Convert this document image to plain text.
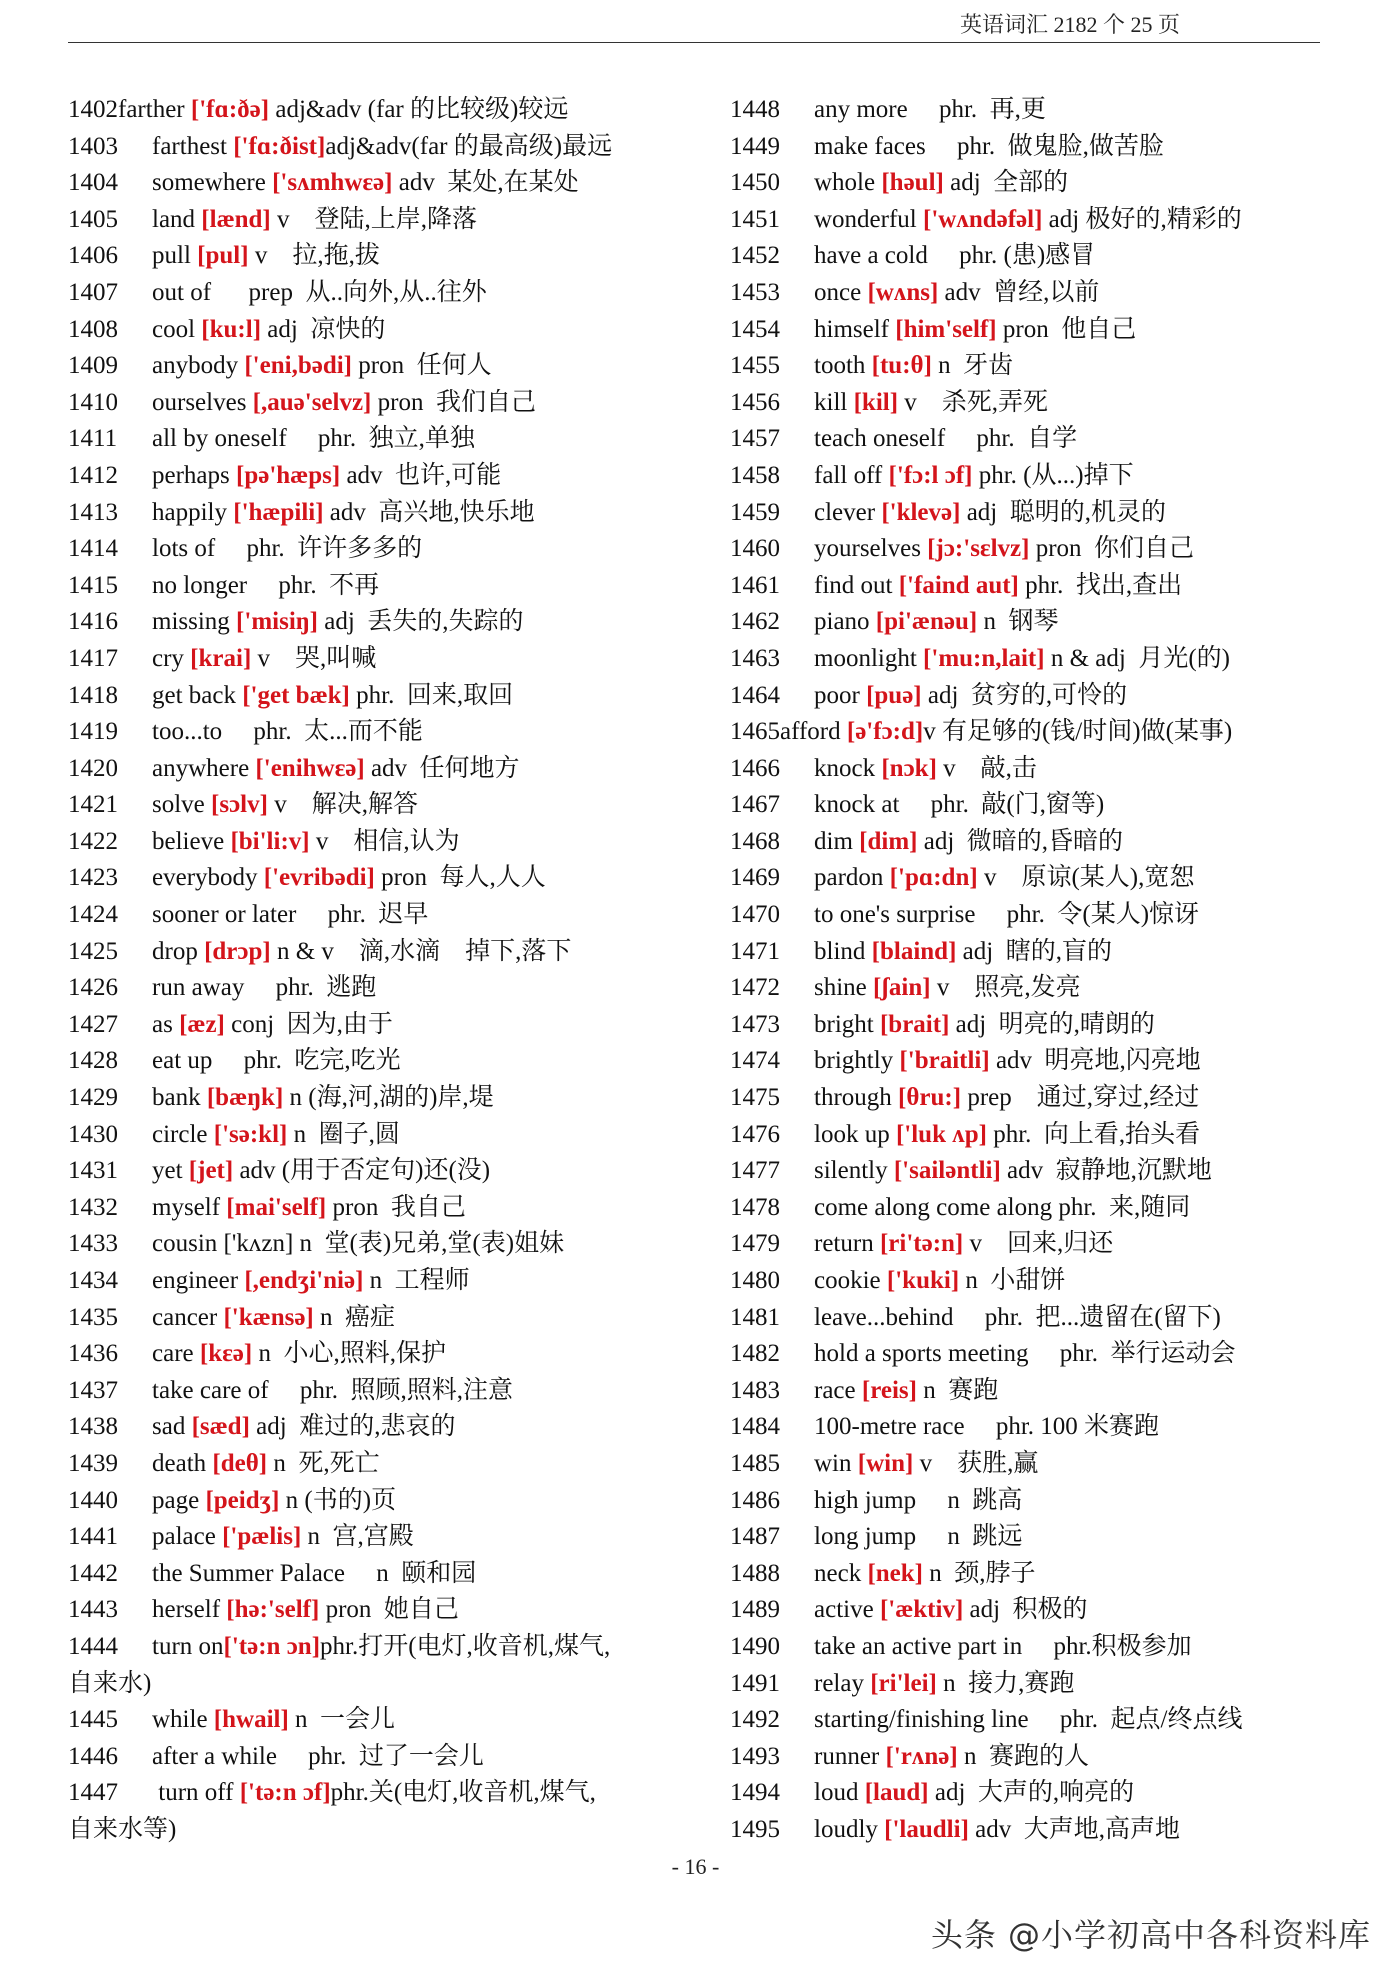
英语词汇 2182 个 25 页
1402farther ['fɑ:ðə] adj&adv (far 的比较级)较远
1403 farthest ['fɑ:ðist]adj&adv(far 的最高级)最远
1404 somewhere ['sʌmhwɛə] adv  某处,在某处
1405 land [lænd] v    登陆,上岸,降落
1406 pull [pul] v    拉,拖,拔
1407 out of      prep  从..向外,从..往外
1408 cool [ku:l] adj  凉快的
1409 anybody ['eni,bədi] pron  任何人
1410 ourselves [,auə'selvz] pron  我们自己
1411 all by oneself     phr.  独立,单独
1412 perhaps [pə'hæps] adv  也许,可能
1413 happily ['hæpili] adv  高兴地,快乐地
1414 lots of     phr.  许许多多的
1415 no longer     phr.  不再
1416 missing ['misiŋ] adj  丢失的,失踪的
1417 cry [krai] v    哭,叫喊
1418 get back ['get bæk] phr.  回来,取回
1419 too...to     phr.  太...而不能
1420 anywhere ['enihwɛə] adv  任何地方
1421 solve [sɔlv] v    解决,解答
1422 believe [bi'li:v] v    相信,认为
1423 everybody ['evribədi] pron  每人,人人
1424 sooner or later     phr.  迟早
1425 drop [drɔp] n & v    滴,水滴    掉下,落下
1426 run away     phr.  逃跑
1427 as [æz] conj  因为,由于
1428 eat up     phr.  吃完,吃光
1429 bank [bæŋk] n (海,河,湖的)岸,堤
1430 circle ['sə:kl] n  圈子,圆
1431 yet [jet] adv (用于否定句)还(没)
1432 myself [mai'self] pron  我自己
1433 cousin ['kʌzn] n  堂(表)兄弟,堂(表)姐妹
1434 engineer [,endʒi'niə] n  工程师
1435 cancer ['kænsə] n  癌症
1436 care [kɛə] n  小心,照料,保护
1437 take care of     phr.  照顾,照料,注意
1438 sad [sæd] adj  难过的,悲哀的
1439 death [deθ] n  死,死亡
1440 page [peidʒ] n (书的)页
1441 palace ['pælis] n  宫,宫殿
1442 the Summer Palace     n  颐和园
1443 herself [hə:'self] pron  她自己
1444 turn on['tə:n ɔn]phr.打开(电灯,收音机,煤气,
自来水)
1445 while [hwail] n  一会儿
1446 after a while     phr.  过了一会儿
1447 turn off ['tə:n ɔf]phr.关(电灯,收音机,煤气,
自来水等)
1448 any more     phr.  再,更
1449 make faces     phr.  做鬼脸,做苦脸
1450 whole [həul] adj  全部的
1451 wonderful ['wʌndəfəl] adj 极好的,精彩的
1452 have a cold     phr. (患)感冒
1453 once [wʌns] adv  曾经,以前
1454 himself [him'self] pron  他自己
1455 tooth [tu:θ] n  牙齿
1456 kill [kil] v    杀死,弄死
1457 teach oneself     phr.  自学
1458 fall off ['fɔ:l ɔf] phr. (从...)掉下
1459 clever ['klevə] adj  聪明的,机灵的
1460 yourselves [jɔ:'sɛlvz] pron  你们自己
1461 find out ['faind aut] phr.  找出,查出
1462 piano [pi'ænəu] n  钢琴
1463 moonlight ['mu:n,lait] n & adj  月光(的)
1464 poor [puə] adj  贫穷的,可怜的
1465afford [ə'fɔ:d]v 有足够的(钱/时间)做(某事)
1466 knock [nɔk] v    敲,击
1467 knock at     phr.  敲(门,窗等)
1468 dim [dim] adj  微暗的,昏暗的
1469 pardon ['pɑ:dn] v    原谅(某人),宽恕
1470 to one's surprise     phr.  令(某人)惊讶
1471 blind [blaind] adj  瞎的,盲的
1472 shine [ʃain] v    照亮,发亮
1473 bright [brait] adj  明亮的,晴朗的
1474 brightly ['braitli] adv  明亮地,闪亮地
1475 through [θru:] prep    通过,穿过,经过
1476 look up ['luk ʌp] phr.  向上看,抬头看
1477 silently ['sailəntli] adv  寂静地,沉默地
1478 come along come along phr.  来,随同
1479 return [ri'tə:n] v    回来,归还
1480 cookie ['kuki] n  小甜饼
1481 leave...behind     phr.  把...遗留在(留下)
1482 hold a sports meeting     phr.  举行运动会
1483 race [reis] n  赛跑
1484 100-metre race     phr. 100 米赛跑
1485 win [win] v    获胜,赢
1486 high jump     n  跳高
1487 long jump     n  跳远
1488 neck [nek] n  颈,脖子
1489 active ['æktiv] adj  积极的
1490 take an active part in     phr.积极参加
1491 relay [ri'lei] n  接力,赛跑
1492 starting/finishing line     phr.  起点/终点线
1493 runner ['rʌnə] n  赛跑的人
1494 loud [laud] adj  大声的,响亮的
1495 loudly ['laudli] adv  大声地,高声地
- 16 -
头条 @小学初高中各科资料库
